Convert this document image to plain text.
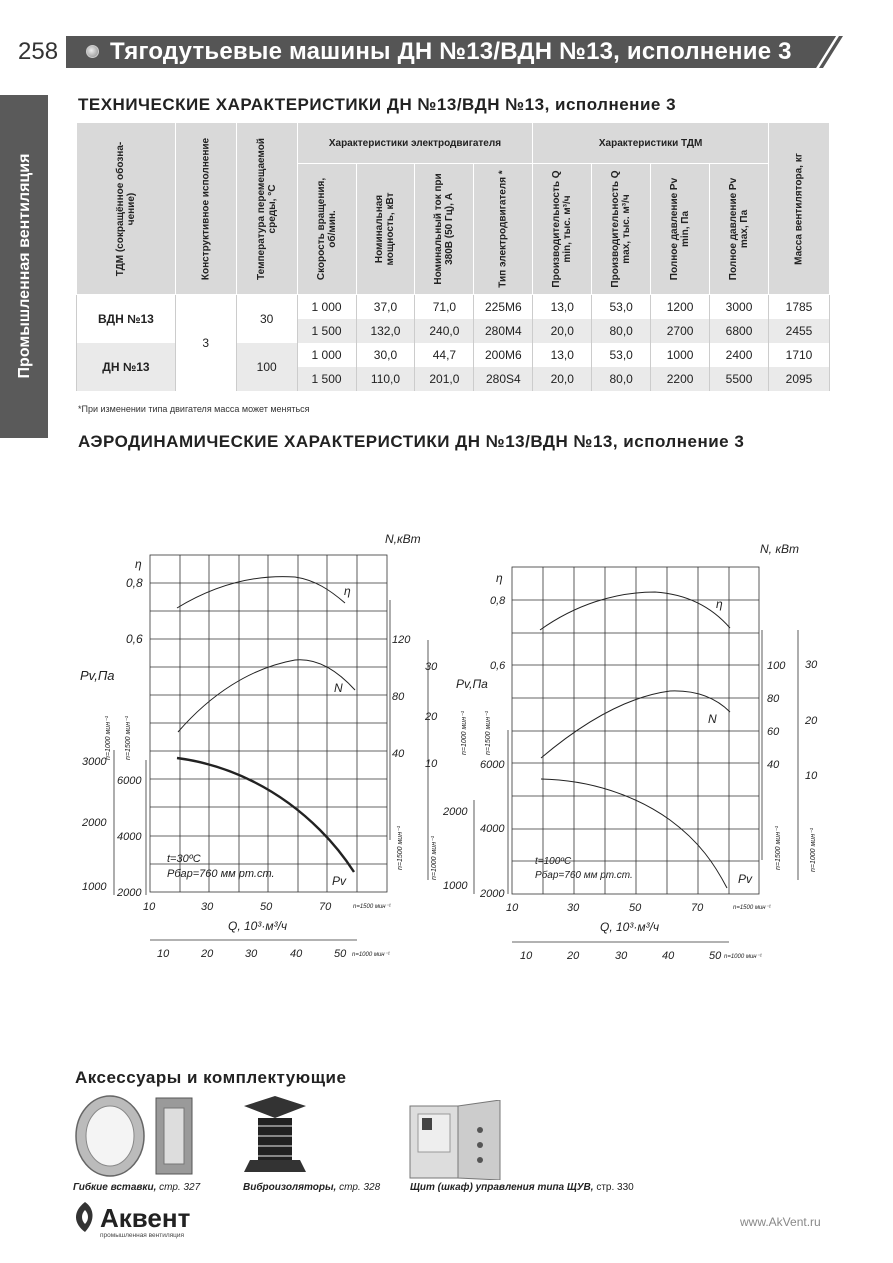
258 Тягодутьевые машины ДН №13/ВДН №13, исполнение 3
Промышленная вентиляция
ТЕХНИЧЕСКИЕ ХАРАКТЕРИСТИКИ ДН №13/ВДН №13, исполнение 3
ТДМ (сокращённое обозна-чение)	Конструктивное исполнение	Температура перемещаемой среды, °С	Характеристики электродвигателя				Характеристики ТДМ				Масса вентилятора, кг

			Скорость вращения, об/мин.	Номинальная мощность, кВт	Номинальный ток при 380В (50 Гц), А	Тип электродвигателя *	Производительность Q min, тыс. м³/ч	Производительность Q max, тыс. м³/ч	Полное давление Pv min, Па	Полное давление Pv max, Па	

ВДН №13	3	30	1 000	37,0	71,0	225M6	13,0	53,0	1200	3000	1785
			1 500	132,0	240,0	280M4	20,0	80,0	2700	6800	2455
ДН №13		100	1 000	30,0	44,7	200M6	13,0	53,0	1000	2400	1710
			1 500	110,0	201,0	280S4	20,0	80,0	2200	5500	2095
*При изменении типа двигателя масса может меняться
АЭРОДИНАМИЧЕСКИЕ ХАРАКТЕРИСТИКИ ДН №13/ВДН №13, исполнение 3
N,кВт
η
0,8
0,6
Pv,Па
n=1000 мин⁻¹ n=1500 мин⁻¹
3000
2000
1000
6000
4000
2000
120
80
40
30
20
10
n=1500 мин⁻¹	n=1000 мин⁻¹
η
N
Pv
t=30ºC
Рбар=760 мм рт.ст.
10	30	50	70	n=1500 мин⁻¹
Q, 10³·м³/ч
10	20	30	40	50 n=1000 мин⁻¹
N, кВт
η
0,8
0,6
Pv,Па
n=1000 мин⁻¹ n=1500 мин⁻¹
2000
1000
6000
4000
2000
100
80
60
40
30
20
10
n=1500 мин⁻¹	n=1000 мин⁻¹
η
N
Pv
t=100ºC
Рбар=760 мм рт.ст.
10	30	50	70	n=1500 мин⁻¹
Q, 10³·м³/ч
10	20	30	40	50 n=1000 мин⁻¹
Аксессуары и комплектующие
Гибкие вставки, стр. 327	Виброизоляторы, стр. 328	Щит (шкаф) управления типа ЩУВ, стр. 330
Аквент
промышленная вентиляция
www.AkVent.ru
